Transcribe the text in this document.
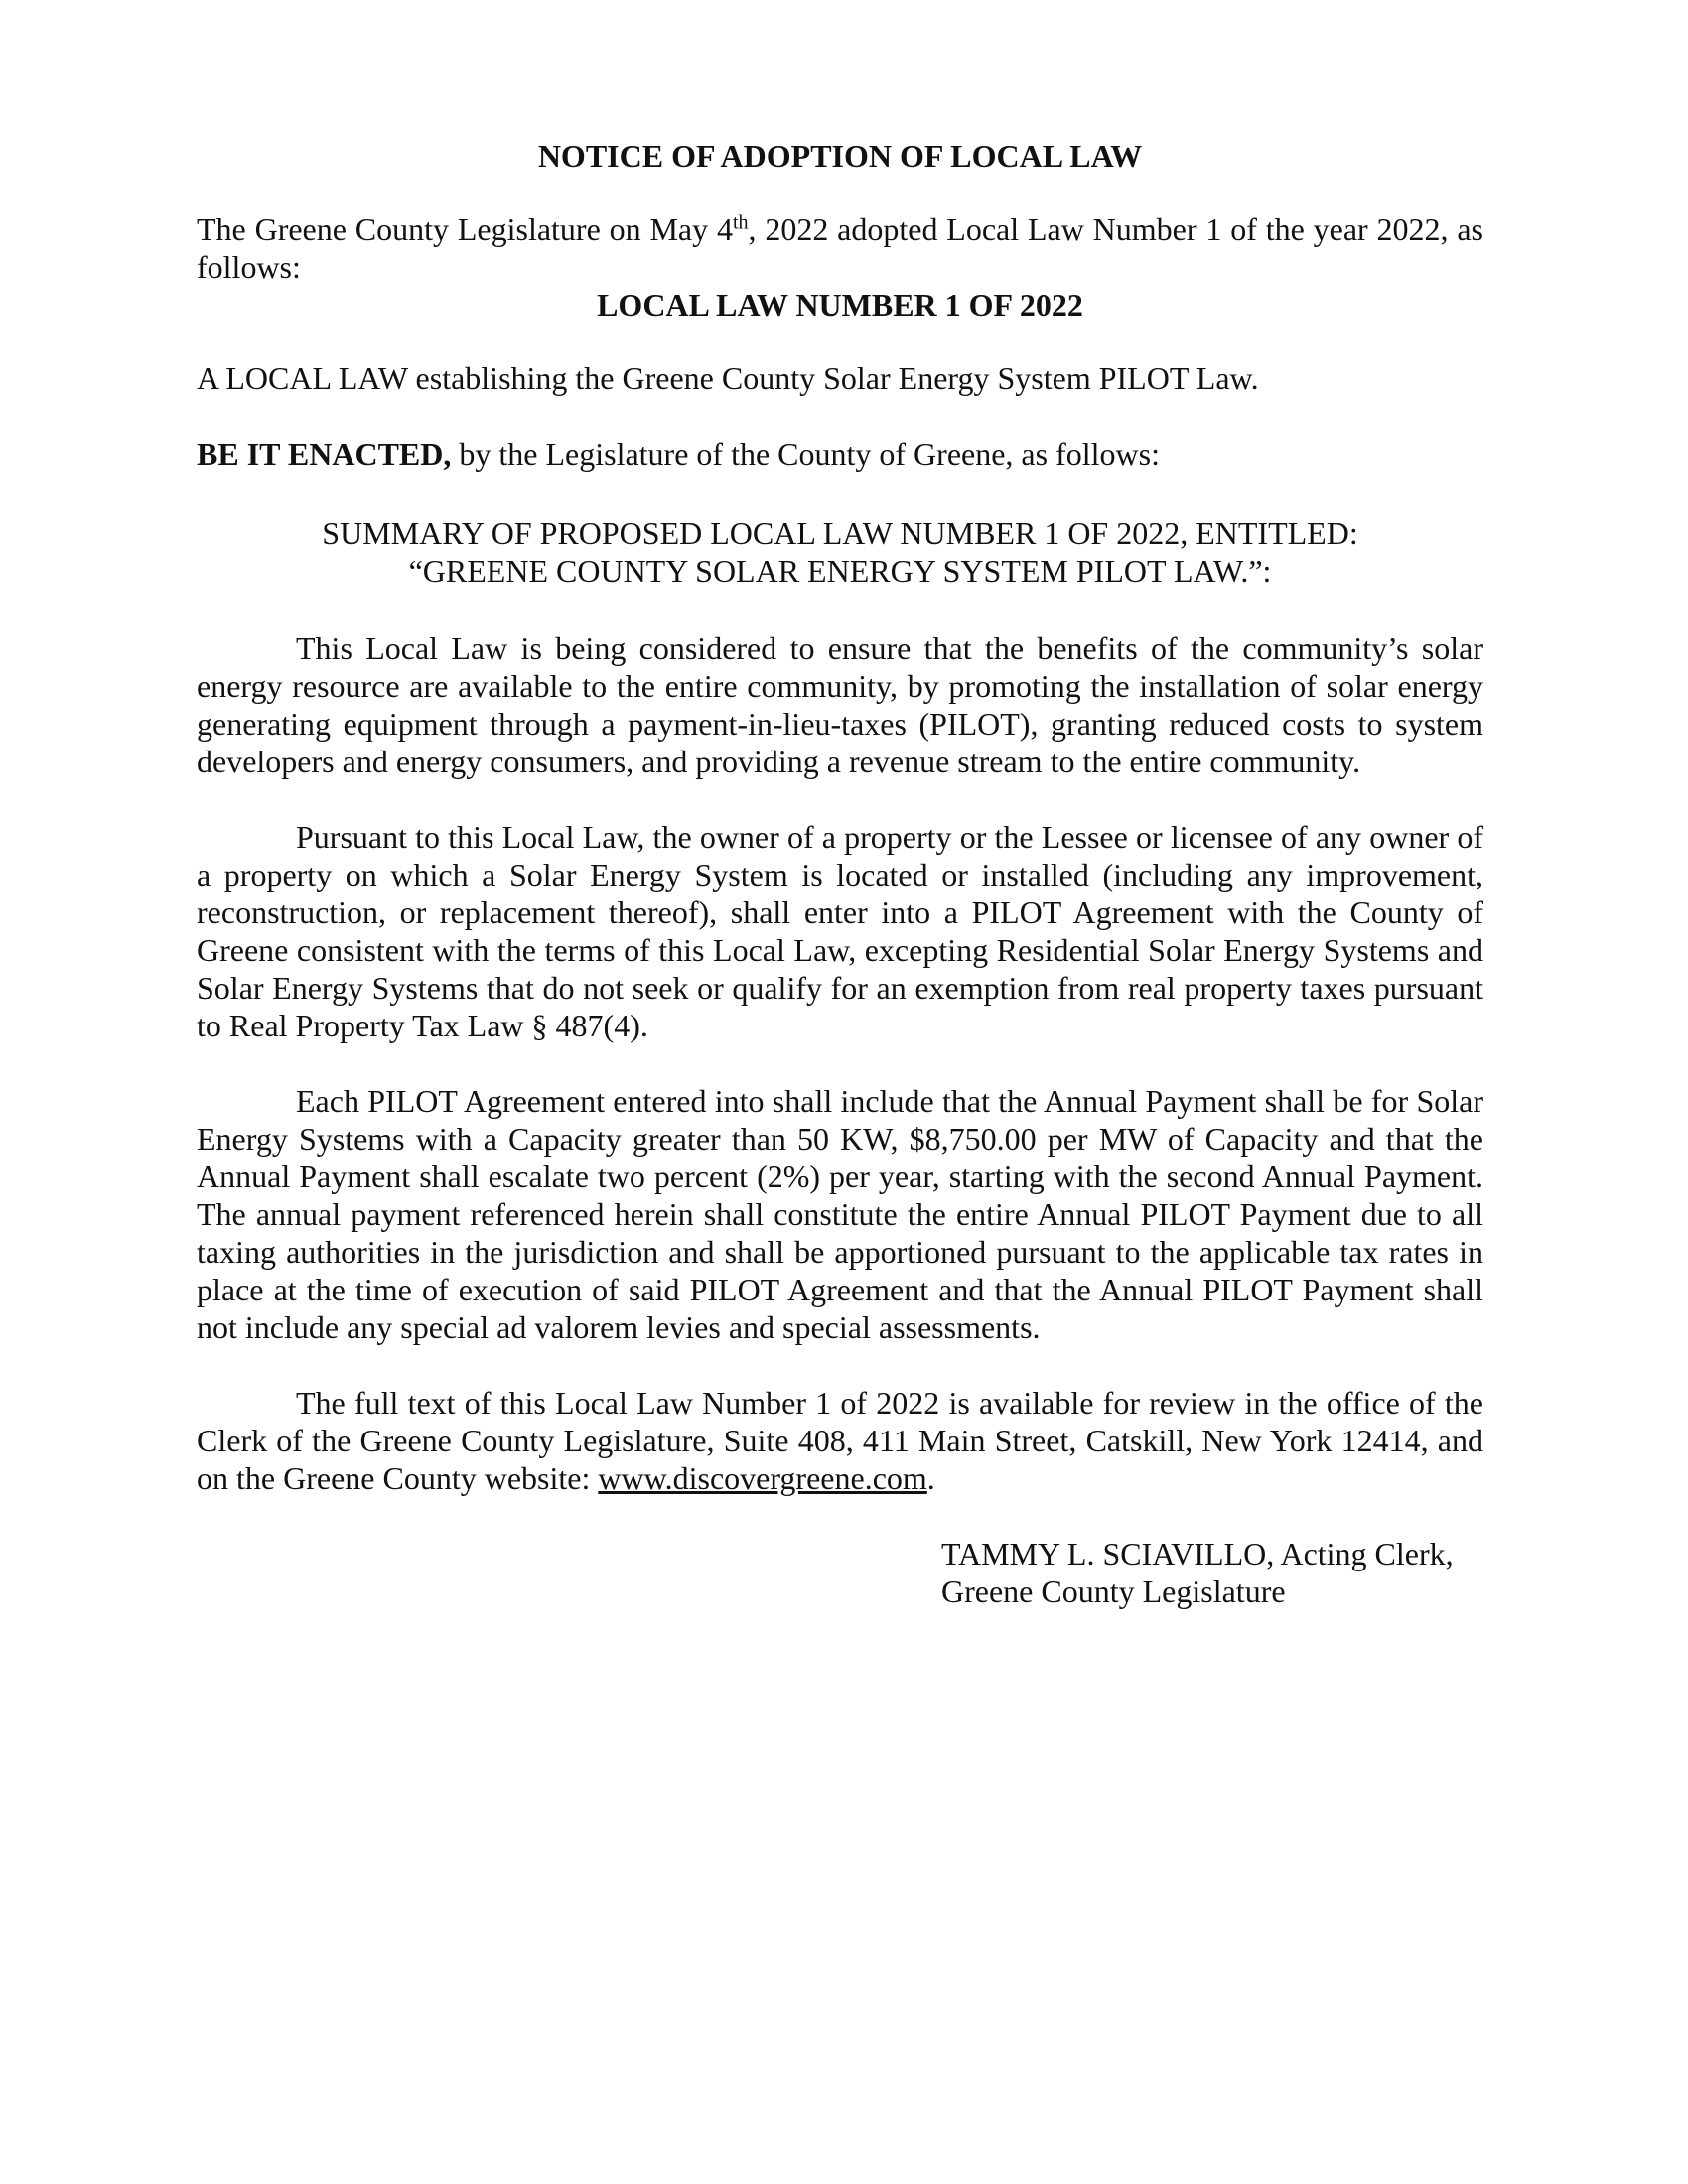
NOTICE OF ADOPTION OF LOCAL LAW
The Greene County Legislature on May 4th, 2022 adopted Local Law Number 1 of the year 2022, as follows:
LOCAL LAW NUMBER 1 OF 2022
A LOCAL LAW establishing the Greene County Solar Energy System PILOT Law.
BE IT ENACTED, by the Legislature of the County of Greene, as follows:
SUMMARY OF PROPOSED LOCAL LAW NUMBER 1 OF 2022, ENTITLED:
“GREENE COUNTY SOLAR ENERGY SYSTEM PILOT LAW.”:
This Local Law is being considered to ensure that the benefits of the community’s solar energy resource are available to the entire community, by promoting the installation of solar energy generating equipment through a payment-in-lieu-taxes (PILOT), granting reduced costs to system developers and energy consumers, and providing a revenue stream to the entire community.
Pursuant to this Local Law, the owner of a property or the Lessee or licensee of any owner of a property on which a Solar Energy System is located or installed (including any improvement, reconstruction, or replacement thereof), shall enter into a PILOT Agreement with the County of Greene consistent with the terms of this Local Law, excepting Residential Solar Energy Systems and Solar Energy Systems that do not seek or qualify for an exemption from real property taxes pursuant to Real Property Tax Law § 487(4).
Each PILOT Agreement entered into shall include that the Annual Payment shall be for Solar Energy Systems with a Capacity greater than 50 KW, $8,750.00 per MW of Capacity and that the Annual Payment shall escalate two percent (2%) per year, starting with the second Annual Payment. The annual payment referenced herein shall constitute the entire Annual PILOT Payment due to all taxing authorities in the jurisdiction and shall be apportioned pursuant to the applicable tax rates in place at the time of execution of said PILOT Agreement and that the Annual PILOT Payment shall not include any special ad valorem levies and special assessments.
The full text of this Local Law Number 1 of 2022 is available for review in the office of the Clerk of the Greene County Legislature, Suite 408, 411 Main Street, Catskill, New York 12414, and on the Greene County website: www.discovergreene.com.
TAMMY L. SCIAVILLO, Acting Clerk,
Greene County Legislature
